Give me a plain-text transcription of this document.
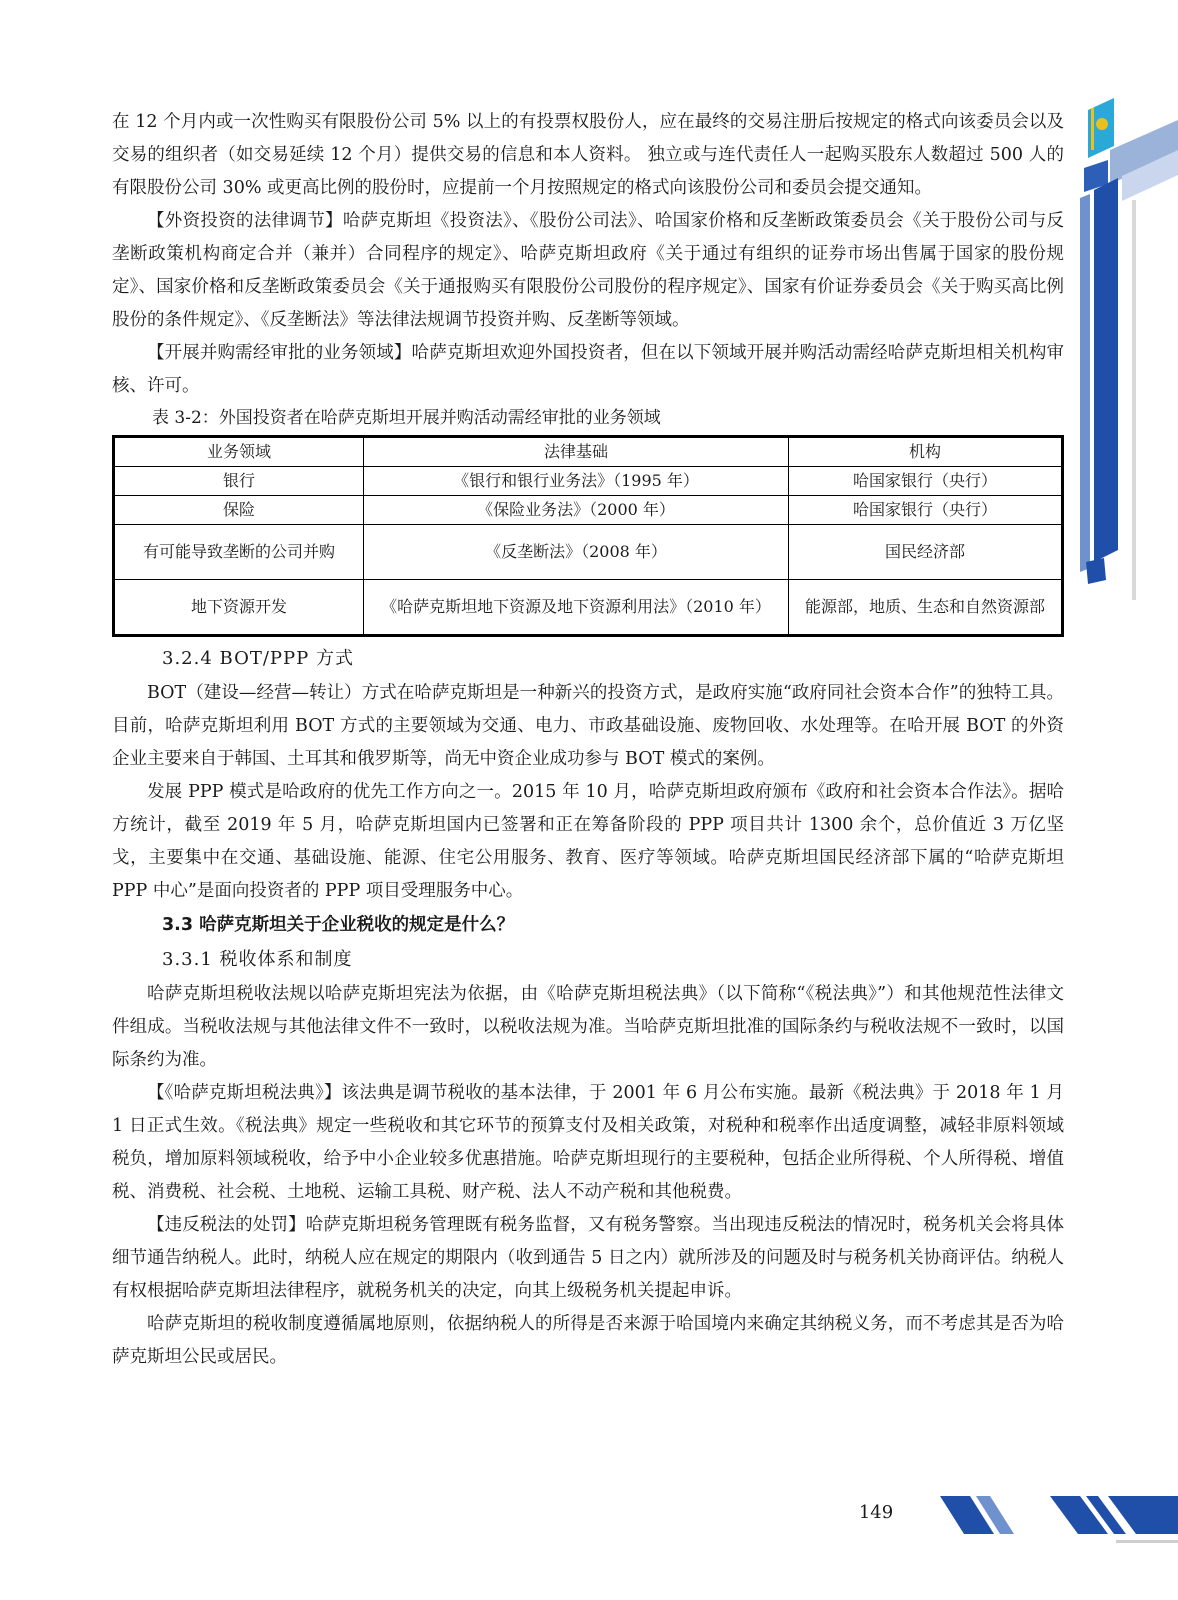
在 12 个月内或一次性购买有限股份公司 5% 以上的有投票权股份人，应在最终的交易注册后按规定的格式向该委员会以及交易的组织者（如交易延续 12 个月）提供交易的信息和本人资料。 独立或与连代责任人一起购买股东人数超过 500 人的有限股份公司 30% 或更高比例的股份时，应提前一个月按照规定的格式向该股份公司和委员会提交通知。

【外资投资的法律调节】哈萨克斯坦《投资法》、《股份公司法》、哈国家价格和反垄断政策委员会《关于股份公司与反垄断政策机构商定合并（兼并）合同程序的规定》、哈萨克斯坦政府《关于通过有组织的证券市场出售属于国家的股份规定》、国家价格和反垄断政策委员会《关于通报购买有限股份公司股份的程序规定》、国家有价证券委员会《关于购买高比例股份的条件规定》、《反垄断法》等法律法规调节投资并购、反垄断等领域。

【开展并购需经审批的业务领域】哈萨克斯坦欢迎外国投资者，但在以下领域开展并购活动需经哈萨克斯坦相关机构审核、许可。

表 3-2：外国投资者在哈萨克斯坦开展并购活动需经审批的业务领域

业务领域	法律基础	机构
银行	《银行和银行业务法》（1995 年）	哈国家银行（央行）
保险	《保险业务法》（2000 年）	哈国家银行（央行）
有可能导致垄断的公司并购	《反垄断法》（2008 年）	国民经济部
地下资源开发	《哈萨克斯坦地下资源及地下资源利用法》（2010 年）	能源部，地质、生态和自然资源部

3.2.4 BOT/PPP 方式

BOT（建设—经营—转让）方式在哈萨克斯坦是一种新兴的投资方式，是政府实施“政府同社会资本合作”的独特工具。目前，哈萨克斯坦利用 BOT 方式的主要领域为交通、电力、市政基础设施、废物回收、水处理等。在哈开展 BOT 的外资企业主要来自于韩国、土耳其和俄罗斯等，尚无中资企业成功参与 BOT 模式的案例。

发展 PPP 模式是哈政府的优先工作方向之一。2015 年 10 月，哈萨克斯坦政府颁布《政府和社会资本合作法》。据哈方统计，截至 2019 年 5 月，哈萨克斯坦国内已签署和正在筹备阶段的 PPP 项目共计 1300 余个，总价值近 3 万亿坚戈，主要集中在交通、基础设施、能源、住宅公用服务、教育、医疗等领域。哈萨克斯坦国民经济部下属的“哈萨克斯坦 PPP 中心”是面向投资者的 PPP 项目受理服务中心。

3.3 哈萨克斯坦关于企业税收的规定是什么？

3.3.1 税收体系和制度

哈萨克斯坦税收法规以哈萨克斯坦宪法为依据，由《哈萨克斯坦税法典》（以下简称“《税法典》”）和其他规范性法律文件组成。当税收法规与其他法律文件不一致时，以税收法规为准。当哈萨克斯坦批准的国际条约与税收法规不一致时，以国际条约为准。

【《哈萨克斯坦税法典》】该法典是调节税收的基本法律，于 2001 年 6 月公布实施。最新《税法典》于 2018 年 1 月 1 日正式生效。《税法典》规定一些税收和其它环节的预算支付及相关政策，对税种和税率作出适度调整，减轻非原料领域税负，增加原料领域税收，给予中小企业较多优惠措施。哈萨克斯坦现行的主要税种，包括企业所得税、个人所得税、增值税、消费税、社会税、土地税、运输工具税、财产税、法人不动产税和其他税费。

【违反税法的处罚】哈萨克斯坦税务管理既有税务监督，又有税务警察。当出现违反税法的情况时，税务机关会将具体细节通告纳税人。此时，纳税人应在规定的期限内（收到通告 5 日之内）就所涉及的问题及时与税务机关协商评估。纳税人有权根据哈萨克斯坦法律程序，就税务机关的决定，向其上级税务机关提起申诉。

哈萨克斯坦的税收制度遵循属地原则，依据纳税人的所得是否来源于哈国境内来确定其纳税义务，而不考虑其是否为哈萨克斯坦公民或居民。

149
